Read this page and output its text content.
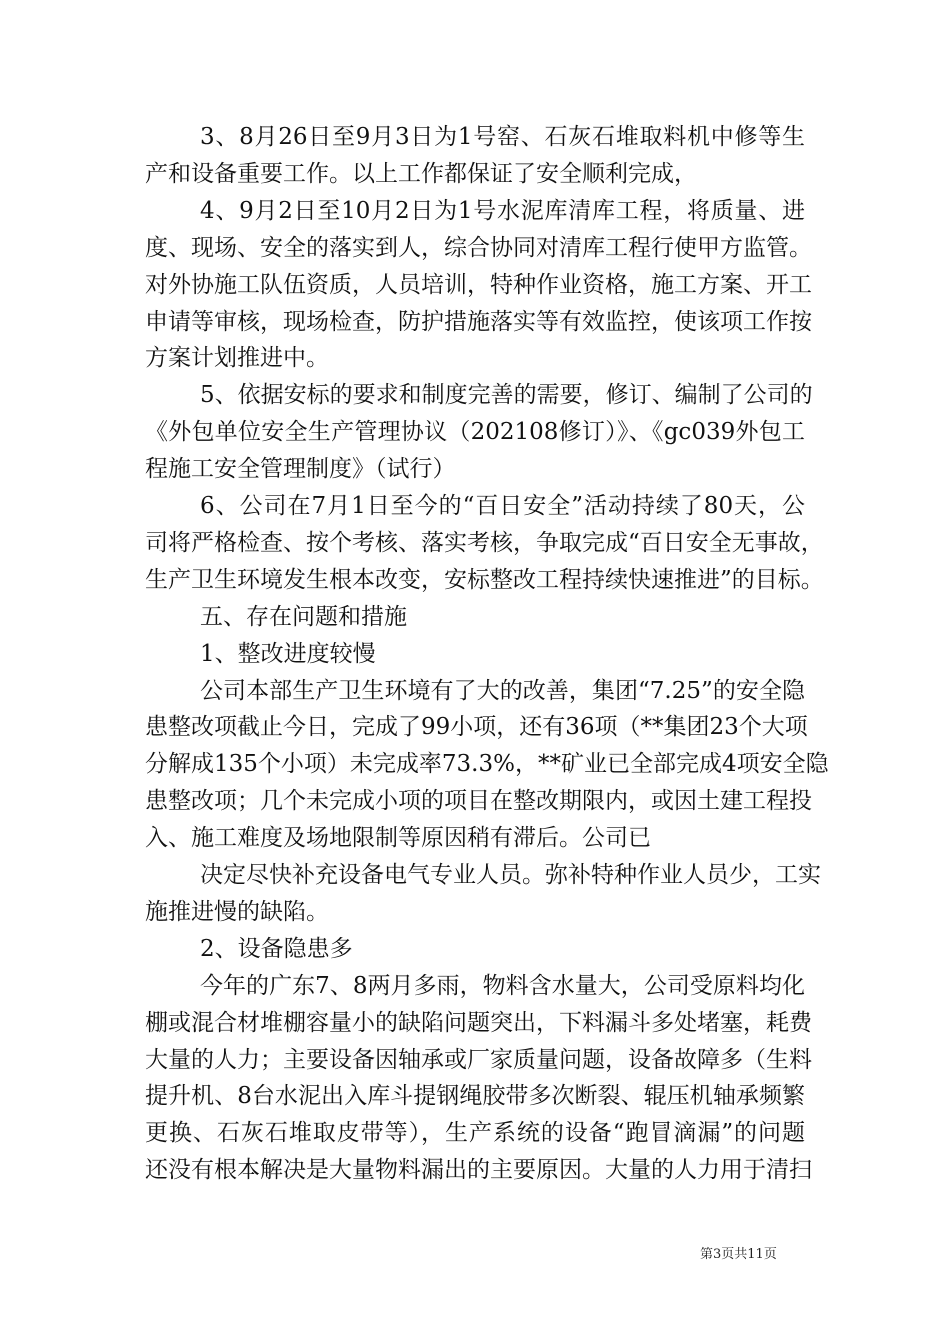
3、8月26日至9月3日为1号窑、石灰石堆取料机中修等生
产和设备重要工作。以上工作都保证了安全顺利完成，
4、9月2日至10月2日为1号水泥库清库工程，将质量、进
度、现场、安全的落实到人，综合协同对清库工程行使甲方监管。
对外协施工队伍资质，人员培训，特种作业资格，施工方案、开工
申请等审核，现场检查，防护措施落实等有效监控，使该项工作按
方案计划推进中。
5、依据安标的要求和制度完善的需要，修订、编制了公司的
《外包单位安全生产管理协议（202108修订）》、《gc039外包工
程施工安全管理制度》（试行）
6、公司在7月1日至今的“百日安全”活动持续了80天，公
司将严格检查、按个考核、落实考核，争取完成“百日安全无事故，
生产卫生环境发生根本改变，安标整改工程持续快速推进”的目标。
五、存在问题和措施
1、整改进度较慢
公司本部生产卫生环境有了大的改善，集团“7.25”的安全隐
患整改项截止今日，完成了99小项，还有36项（**集团23个大项
分解成135个小项）未完成率73.3%，**矿业已全部完成4项安全隐
患整改项；几个未完成小项的项目在整改期限内，或因土建工程投
入、施工难度及场地限制等原因稍有滞后。公司已
决定尽快补充设备电气专业人员。弥补特种作业人员少，工实
施推进慢的缺陷。
2、设备隐患多
今年的广东7、8两月多雨，物料含水量大，公司受原料均化
棚或混合材堆棚容量小的缺陷问题突出，下料漏斗多处堵塞，耗费
大量的人力；主要设备因轴承或厂家质量问题，设备故障多（生料
提升机、8台水泥出入库斗提钢绳胶带多次断裂、辊压机轴承频繁
更换、石灰石堆取皮带等），生产系统的设备“跑冒滴漏”的问题
还没有根本解决是大量物料漏出的主要原因。大量的人力用于清扫
第3页共11页
